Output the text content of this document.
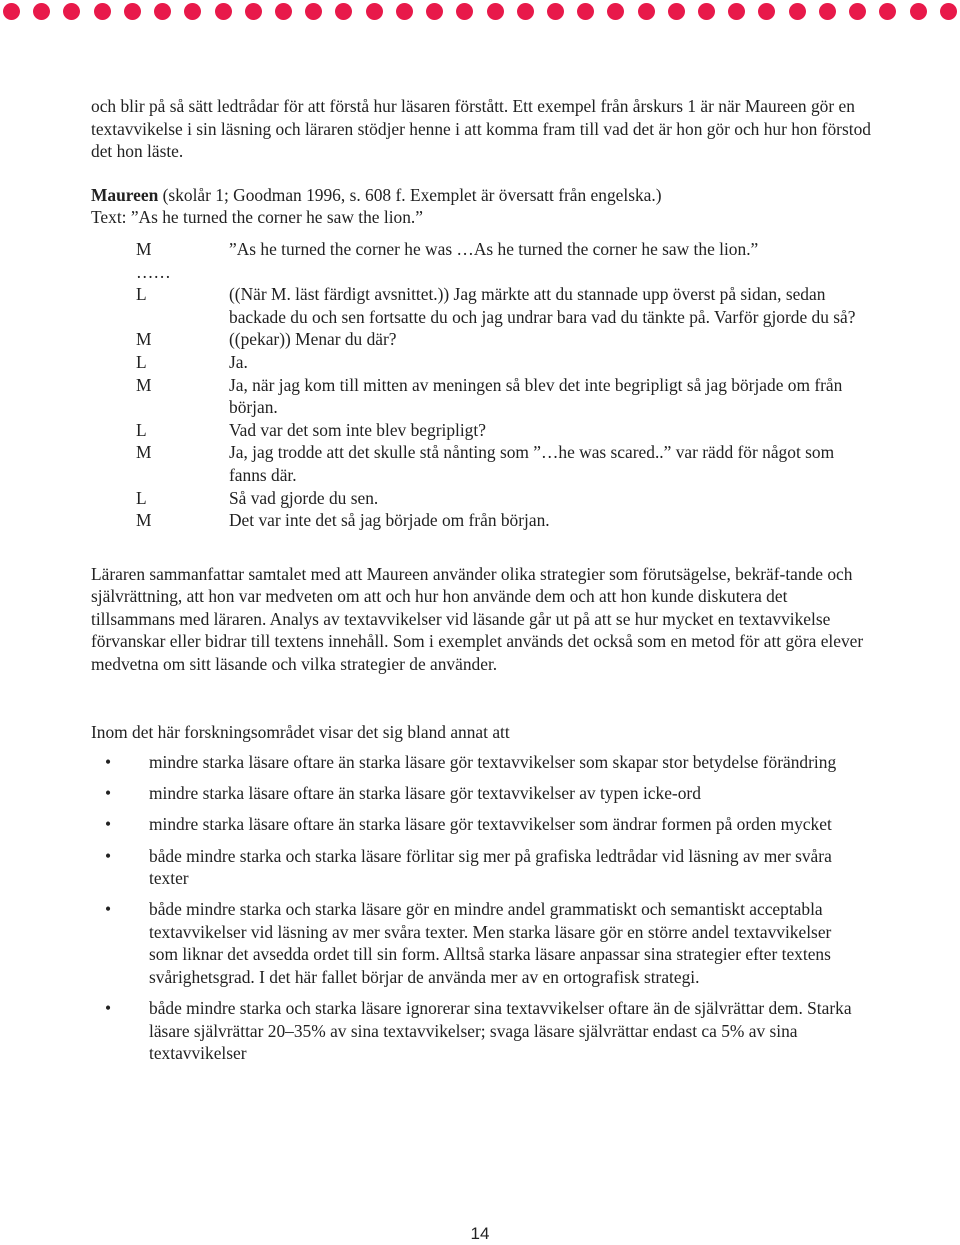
och blir på så sätt ledtrådar för att förstå hur läsaren förstått. Ett exempel från årskurs 1 är när Maureen gör en textavvikelse i sin läsning och läraren stödjer henne i att komma fram till vad det är hon gör och hur hon förstod det hon läste.

Maureen (skolår 1; Goodman 1996, s. 608 f. Exemplet är översatt från engelska.)

Text: ”As he turned the corner he saw the lion.”

M	”As he turned the corner he was …As he turned the corner he saw the lion.”
……
L	((När M. läst färdigt avsnittet.)) Jag märkte att du stannade upp överst på sidan, sedan backade du och sen fortsatte du och jag undrar bara vad du tänkte på. Varför gjorde du så?
M	((pekar)) Menar du där?
L	Ja.
M	Ja, när jag kom till mitten av meningen så blev det inte begripligt så jag började om från början.
L	Vad var det som inte blev begripligt?
M	Ja, jag trodde att det skulle stå nånting som ”…he was scared..” var rädd för något som fanns där.
L	Så vad gjorde du sen.
M	Det var inte det så jag började om från början.

Läraren sammanfattar samtalet med att Maureen använder olika strategier som förutsägelse, bekräf-tande och självrättning, att hon var medveten om att och hur hon använde dem och att hon kunde diskutera det tillsammans med läraren. Analys av textavvikelser vid läsande går ut på att se hur mycket en textavvikelse förvanskar eller bidrar till textens innehåll. Som i exemplet används det också som en metod för att göra elever medvetna om sitt läsande och vilka strategier de använder.

Inom det här forskningsområdet visar det sig bland annat att

• mindre starka läsare oftare än starka läsare gör textavvikelser som skapar stor betydelse förändring
• mindre starka läsare oftare än starka läsare gör textavvikelser av typen icke-ord
• mindre starka läsare oftare än starka läsare gör textavvikelser som ändrar formen på orden mycket
• både mindre starka och starka läsare förlitar sig mer på grafiska ledtrådar vid läsning av mer svåra texter
• både mindre starka och starka läsare gör en mindre andel grammatiskt och semantiskt acceptabla textavvikelser vid läsning av mer svåra texter. Men starka läsare gör en större andel textavvikelser som liknar det avsedda ordet till sin form. Alltså starka läsare anpassar sina strategier efter textens svårighetsgrad. I det här fallet börjar de använda mer av en ortografisk strategi.
• både mindre starka och starka läsare ignorerar sina textavvikelser oftare än de självrättar dem. Starka läsare självrättar 20–35% av sina textavvikelser; svaga läsare självrättar endast ca 5% av sina textavvikelser
14
